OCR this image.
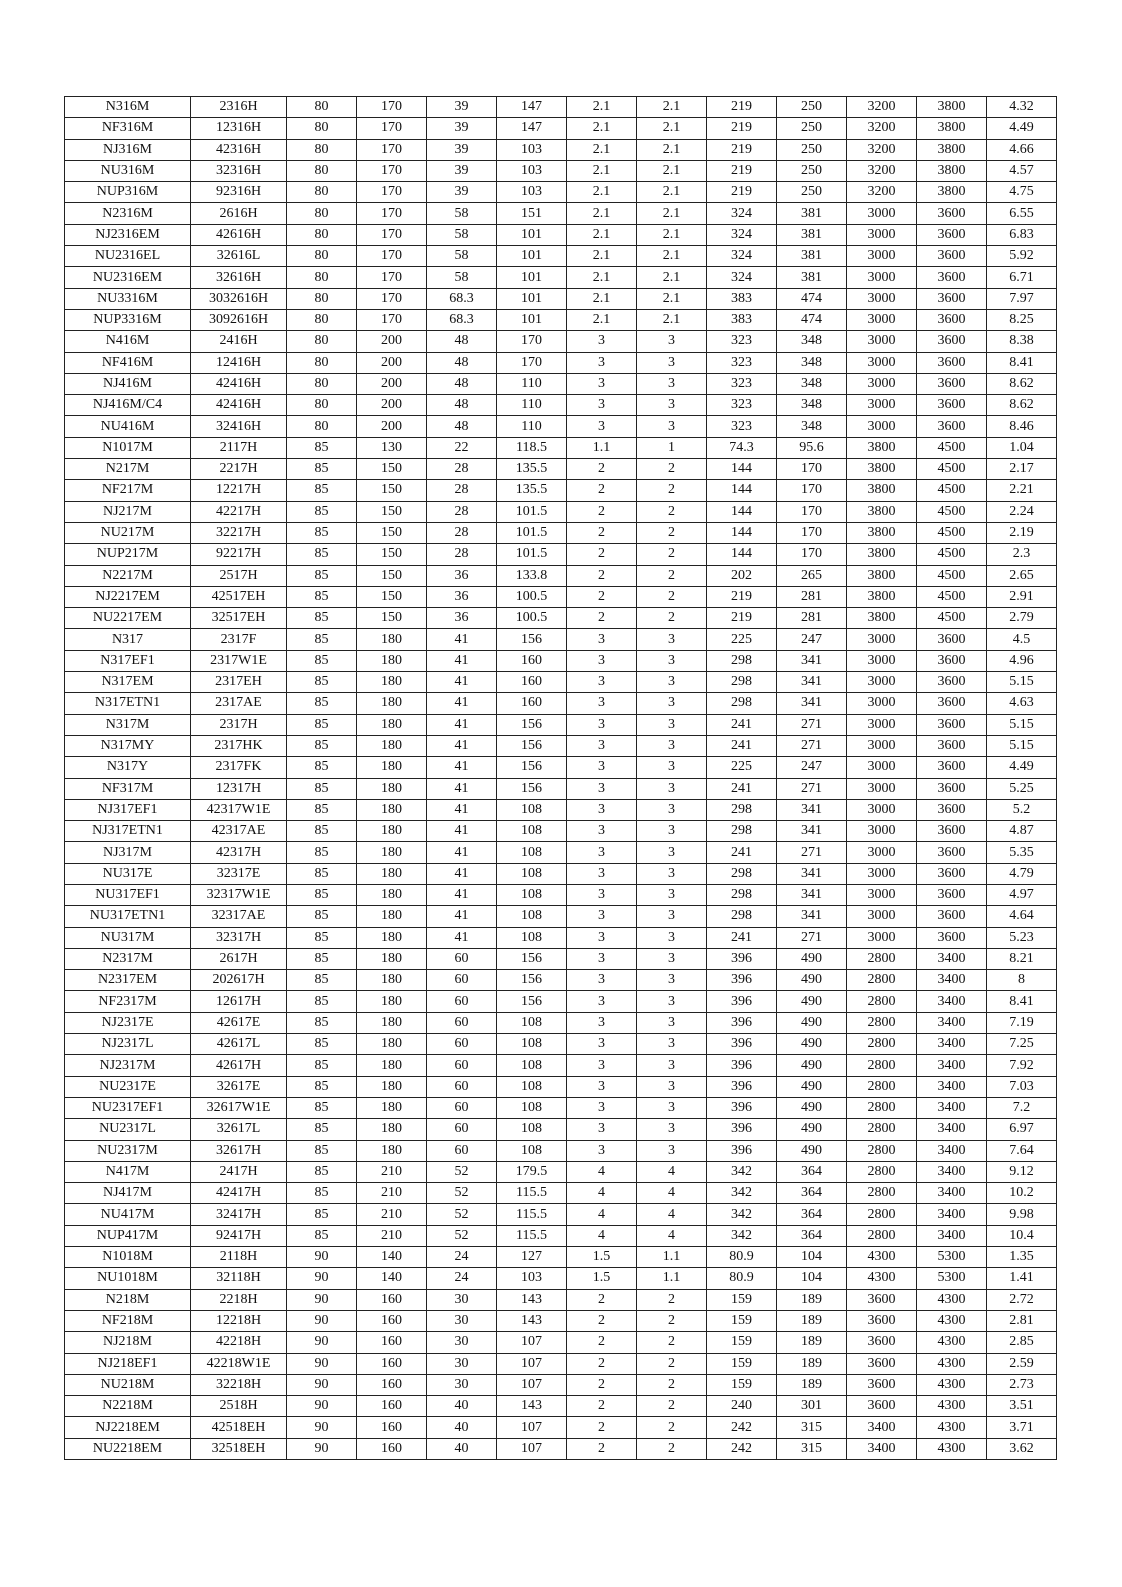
N316M	2316H	80	170	39	147	2.1	2.1	219	250	3200	3800	4.32
NF316M	12316H	80	170	39	147	2.1	2.1	219	250	3200	3800	4.49
NJ316M	42316H	80	170	39	103	2.1	2.1	219	250	3200	3800	4.66
NU316M	32316H	80	170	39	103	2.1	2.1	219	250	3200	3800	4.57
NUP316M	92316H	80	170	39	103	2.1	2.1	219	250	3200	3800	4.75
N2316M	2616H	80	170	58	151	2.1	2.1	324	381	3000	3600	6.55
NJ2316EM	42616H	80	170	58	101	2.1	2.1	324	381	3000	3600	6.83
NU2316EL	32616L	80	170	58	101	2.1	2.1	324	381	3000	3600	5.92
NU2316EM	32616H	80	170	58	101	2.1	2.1	324	381	3000	3600	6.71
NU3316M	3032616H	80	170	68.3	101	2.1	2.1	383	474	3000	3600	7.97
NUP3316M	3092616H	80	170	68.3	101	2.1	2.1	383	474	3000	3600	8.25
N416M	2416H	80	200	48	170	3	3	323	348	3000	3600	8.38
NF416M	12416H	80	200	48	170	3	3	323	348	3000	3600	8.41
NJ416M	42416H	80	200	48	110	3	3	323	348	3000	3600	8.62
NJ416M/C4	42416H	80	200	48	110	3	3	323	348	3000	3600	8.62
NU416M	32416H	80	200	48	110	3	3	323	348	3000	3600	8.46
N1017M	2117H	85	130	22	118.5	1.1	1	74.3	95.6	3800	4500	1.04
N217M	2217H	85	150	28	135.5	2	2	144	170	3800	4500	2.17
NF217M	12217H	85	150	28	135.5	2	2	144	170	3800	4500	2.21
NJ217M	42217H	85	150	28	101.5	2	2	144	170	3800	4500	2.24
NU217M	32217H	85	150	28	101.5	2	2	144	170	3800	4500	2.19
NUP217M	92217H	85	150	28	101.5	2	2	144	170	3800	4500	2.3
N2217M	2517H	85	150	36	133.8	2	2	202	265	3800	4500	2.65
NJ2217EM	42517EH	85	150	36	100.5	2	2	219	281	3800	4500	2.91
NU2217EM	32517EH	85	150	36	100.5	2	2	219	281	3800	4500	2.79
N317	2317F	85	180	41	156	3	3	225	247	3000	3600	4.5
N317EF1	2317W1E	85	180	41	160	3	3	298	341	3000	3600	4.96
N317EM	2317EH	85	180	41	160	3	3	298	341	3000	3600	5.15
N317ETN1	2317AE	85	180	41	160	3	3	298	341	3000	3600	4.63
N317M	2317H	85	180	41	156	3	3	241	271	3000	3600	5.15
N317MY	2317HK	85	180	41	156	3	3	241	271	3000	3600	5.15
N317Y	2317FK	85	180	41	156	3	3	225	247	3000	3600	4.49
NF317M	12317H	85	180	41	156	3	3	241	271	3000	3600	5.25
NJ317EF1	42317W1E	85	180	41	108	3	3	298	341	3000	3600	5.2
NJ317ETN1	42317AE	85	180	41	108	3	3	298	341	3000	3600	4.87
NJ317M	42317H	85	180	41	108	3	3	241	271	3000	3600	5.35
NU317E	32317E	85	180	41	108	3	3	298	341	3000	3600	4.79
NU317EF1	32317W1E	85	180	41	108	3	3	298	341	3000	3600	4.97
NU317ETN1	32317AE	85	180	41	108	3	3	298	341	3000	3600	4.64
NU317M	32317H	85	180	41	108	3	3	241	271	3000	3600	5.23
N2317M	2617H	85	180	60	156	3	3	396	490	2800	3400	8.21
N2317EM	202617H	85	180	60	156	3	3	396	490	2800	3400	8
NF2317M	12617H	85	180	60	156	3	3	396	490	2800	3400	8.41
NJ2317E	42617E	85	180	60	108	3	3	396	490	2800	3400	7.19
NJ2317L	42617L	85	180	60	108	3	3	396	490	2800	3400	7.25
NJ2317M	42617H	85	180	60	108	3	3	396	490	2800	3400	7.92
NU2317E	32617E	85	180	60	108	3	3	396	490	2800	3400	7.03
NU2317EF1	32617W1E	85	180	60	108	3	3	396	490	2800	3400	7.2
NU2317L	32617L	85	180	60	108	3	3	396	490	2800	3400	6.97
NU2317M	32617H	85	180	60	108	3	3	396	490	2800	3400	7.64
N417M	2417H	85	210	52	179.5	4	4	342	364	2800	3400	9.12
NJ417M	42417H	85	210	52	115.5	4	4	342	364	2800	3400	10.2
NU417M	32417H	85	210	52	115.5	4	4	342	364	2800	3400	9.98
NUP417M	92417H	85	210	52	115.5	4	4	342	364	2800	3400	10.4
N1018M	2118H	90	140	24	127	1.5	1.1	80.9	104	4300	5300	1.35
NU1018M	32118H	90	140	24	103	1.5	1.1	80.9	104	4300	5300	1.41
N218M	2218H	90	160	30	143	2	2	159	189	3600	4300	2.72
NF218M	12218H	90	160	30	143	2	2	159	189	3600	4300	2.81
NJ218M	42218H	90	160	30	107	2	2	159	189	3600	4300	2.85
NJ218EF1	42218W1E	90	160	30	107	2	2	159	189	3600	4300	2.59
NU218M	32218H	90	160	30	107	2	2	159	189	3600	4300	2.73
N2218M	2518H	90	160	40	143	2	2	240	301	3600	4300	3.51
NJ2218EM	42518EH	90	160	40	107	2	2	242	315	3400	4300	3.71
NU2218EM	32518EH	90	160	40	107	2	2	242	315	3400	4300	3.62
